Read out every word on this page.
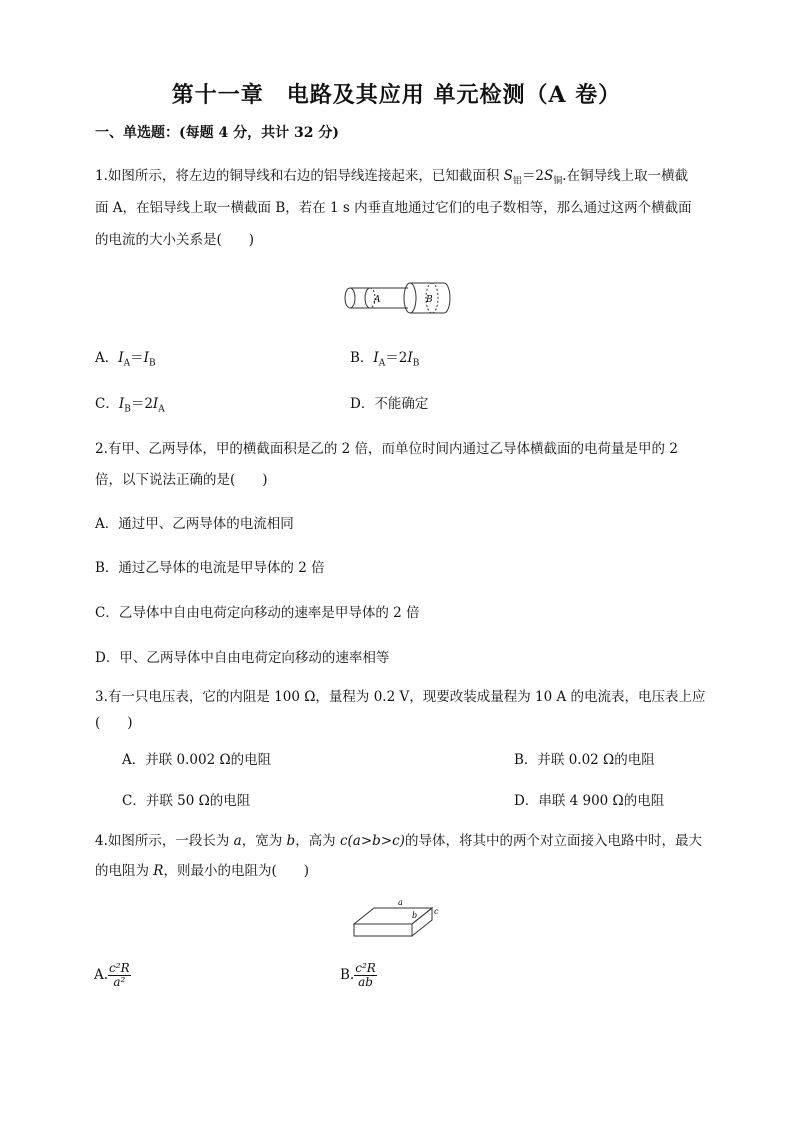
第十一章　电路及其应用 单元检测（A 卷）
一、单选题：(每题 4 分，共计 32 分)
1.如图所示，将左边的铜导线和右边的铝导线连接起来，已知截面积 $S_铝=2S_铜$.在铜导线上取一横截
面 A，在铝导线上取一横截面 B，若在 1 s 内垂直地通过它们的电子数相等，那么通过这两个横截面
的电流的大小关系是(　　)
A	B
A．$I_A=I_B$	B．$I_A=2I_B$
C．$I_B=2I_A$	D．不能确定
2.有甲、乙两导体，甲的横截面积是乙的 2 倍，而单位时间内通过乙导体横截面的电荷量是甲的 2
倍，以下说法正确的是(　　)
A．通过甲、乙两导体的电流相同
B．通过乙导体的电流是甲导体的 2 倍
C．乙导体中自由电荷定向移动的速率是甲导体的 2 倍
D．甲、乙两导体中自由电荷定向移动的速率相等
3.有一只电压表，它的内阻是 100 Ω，量程为 0.2 V，现要改装成量程为 10 A 的电流表，电压表上应
(　　)
A．并联 0.002 Ω的电阻	B．并联 0.02 Ω的电阻
C．并联 50 Ω的电阻	D．串联 4 900 Ω的电阻
4.如图所示，一段长为 a，宽为 b，高为 c(a>b>c)的导体，将其中的两个对立面接入电路中时，最大
的电阻为 R，则最小的电阻为(　　)
a
b c
A. $\frac{\text{c²R}}{\text{a²}}$	B. $\frac{\text{c²R}}{ab}$
